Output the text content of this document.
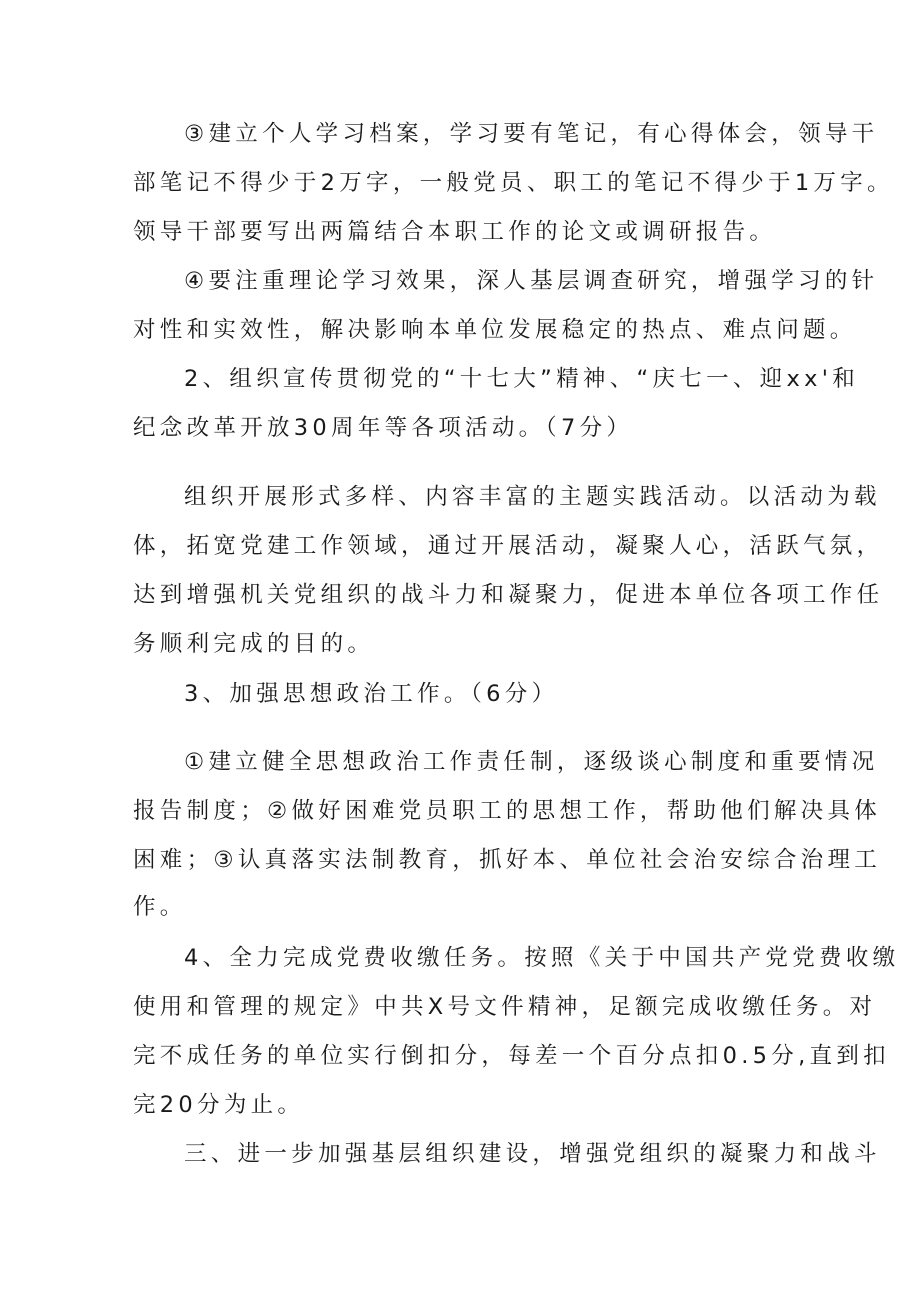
③建立个人学习档案，学习要有笔记，有心得体会，领导干
部笔记不得少于2万字，一般党员、职工的笔记不得少于1万字。
领导干部要写出两篇结合本职工作的论文或调研报告。
④要注重理论学习效果，深人基层调查研究，增强学习的针
对性和实效性，解决影响本单位发展稳定的热点、难点问题。
2、组织宣传贯彻党的“十七大”精神、“庆七一、迎xx'和
纪念改革开放30周年等各项活动。（7分）
组织开展形式多样、内容丰富的主题实践活动。以活动为载
体，拓宽党建工作领域，通过开展活动，凝聚人心，活跃气氛，
达到增强机关党组织的战斗力和凝聚力，促进本单位各项工作任
务顺利完成的目的。
3、加强思想政治工作。（6分）
①建立健全思想政治工作责任制，逐级谈心制度和重要情况
报告制度；②做好困难党员职工的思想工作，帮助他们解决具体
困难；③认真落实法制教育，抓好本、单位社会治安综合治理工
作。
4、全力完成党费收缴任务。按照《关于中国共产党党费收缴
使用和管理的规定》中共X号文件精神，足额完成收缴任务。对
完不成任务的单位实行倒扣分，每差一个百分点扣0.5分,直到扣
完20分为止。
三、进一步加强基层组织建设，增强党组织的凝聚力和战斗
